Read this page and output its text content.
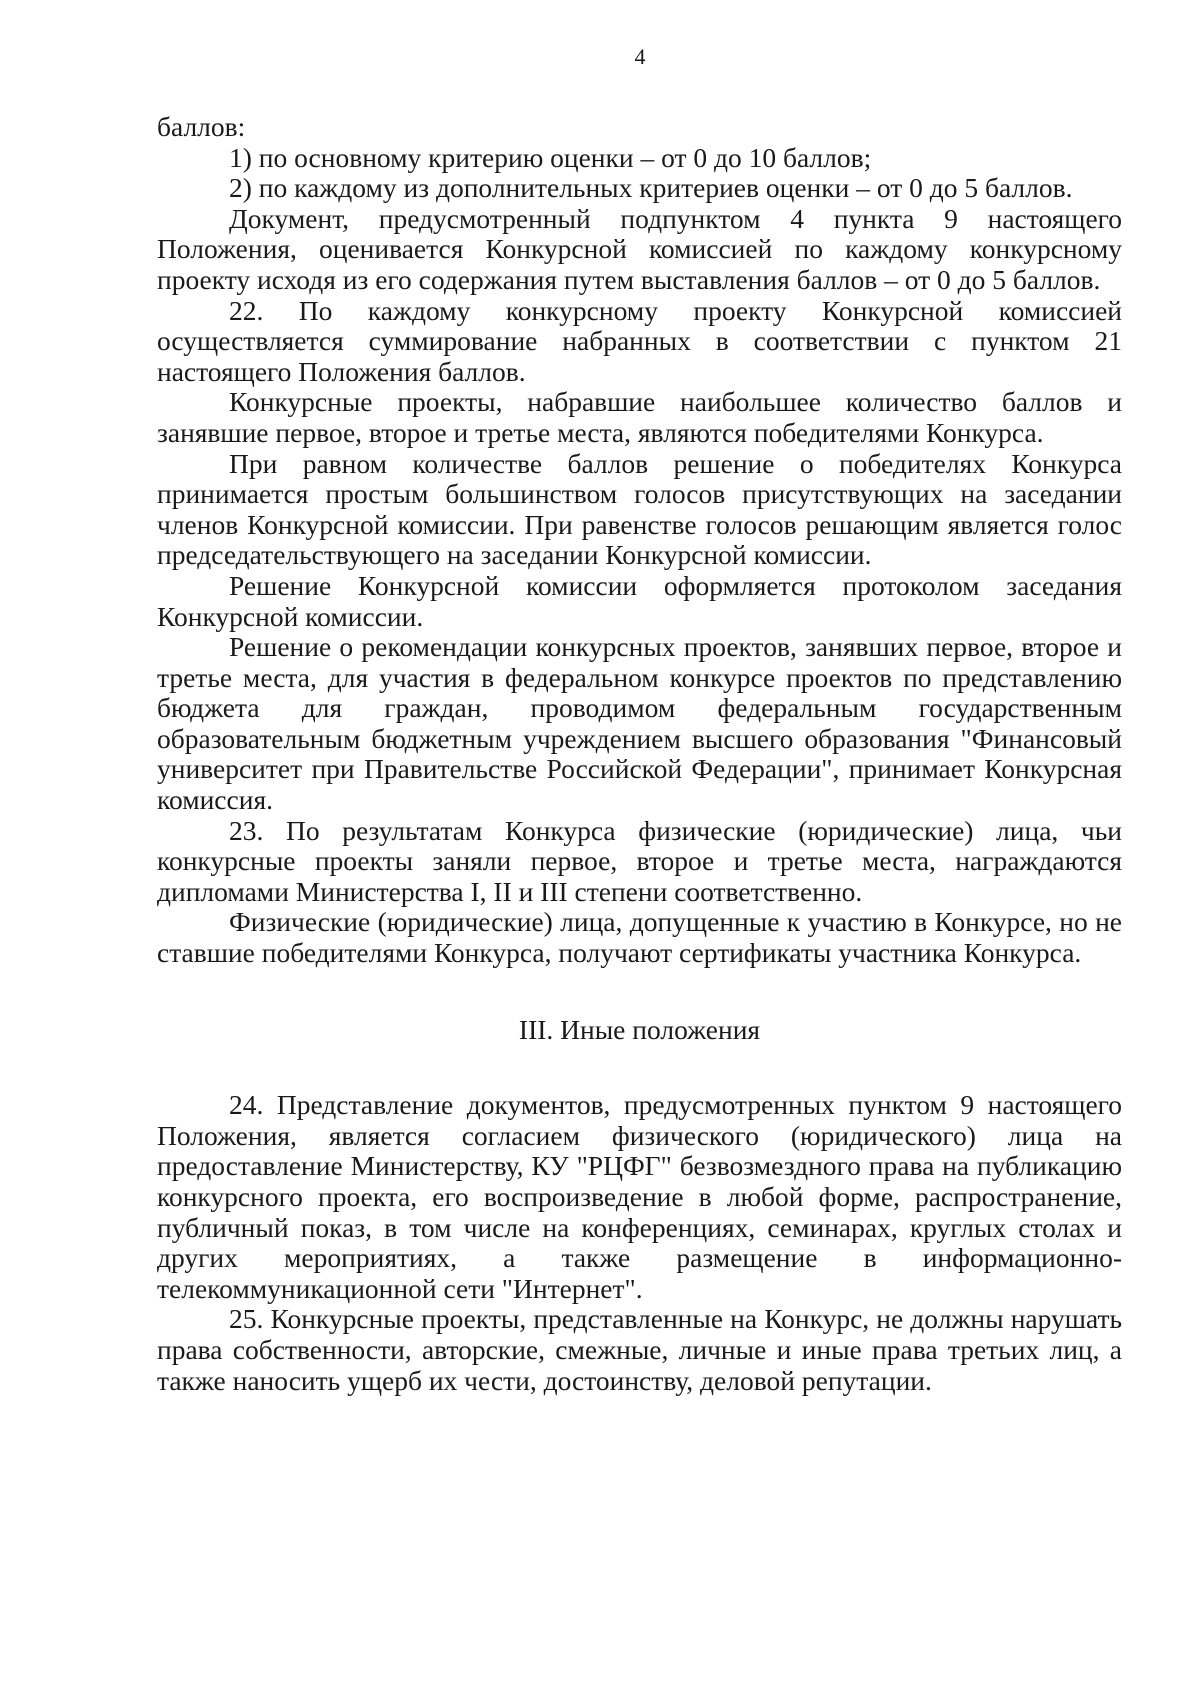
4

баллов:

1) по основному критерию оценки – от 0 до 10 баллов;

2) по каждому из дополнительных критериев оценки – от 0 до 5 баллов.

Документ, предусмотренный подпунктом 4 пункта 9 настоящего Положения, оценивается Конкурсной комиссией по каждому конкурсному проекту исходя из его содержания путем выставления баллов – от 0 до 5 баллов.

22. По каждому конкурсному проекту Конкурсной комиссией осуществляется суммирование набранных в соответствии с пунктом 21 настоящего Положения баллов.

Конкурсные проекты, набравшие наибольшее количество баллов и занявшие первое, второе и третье места, являются победителями Конкурса.

При равном количестве баллов решение о победителях Конкурса принимается простым большинством голосов присутствующих на заседании членов Конкурсной комиссии. При равенстве голосов решающим является голос председательствующего на заседании Конкурсной комиссии.

Решение Конкурсной комиссии оформляется протоколом заседания Конкурсной комиссии.

Решение о рекомендации конкурсных проектов, занявших первое, второе и третье места, для участия в федеральном конкурсе проектов по представлению бюджета для граждан, проводимом федеральным государственным образовательным бюджетным учреждением высшего образования "Финансовый университет при Правительстве Российской Федерации", принимает Конкурсная комиссия.

23. По результатам Конкурса физические (юридические) лица, чьи конкурсные проекты заняли первое, второе и третье места, награждаются дипломами Министерства I, II и III степени соответственно.

Физические (юридические) лица, допущенные к участию в Конкурсе, но не ставшие победителями Конкурса, получают сертификаты участника Конкурса.

III. Иные положения

24. Представление документов, предусмотренных пунктом 9 настоящего Положения, является согласием физического (юридического) лица на предоставление Министерству, КУ "РЦФГ" безвозмездного права на публикацию конкурсного проекта, его воспроизведение в любой форме, распространение, публичный показ, в том числе на конференциях, семинарах, круглых столах и других мероприятиях, а также размещение в информационно-телекоммуникационной сети "Интернет".

25. Конкурсные проекты, представленные на Конкурс, не должны нарушать права собственности, авторские, смежные, личные и иные права третьих лиц, а также наносить ущерб их чести, достоинству, деловой репутации.
